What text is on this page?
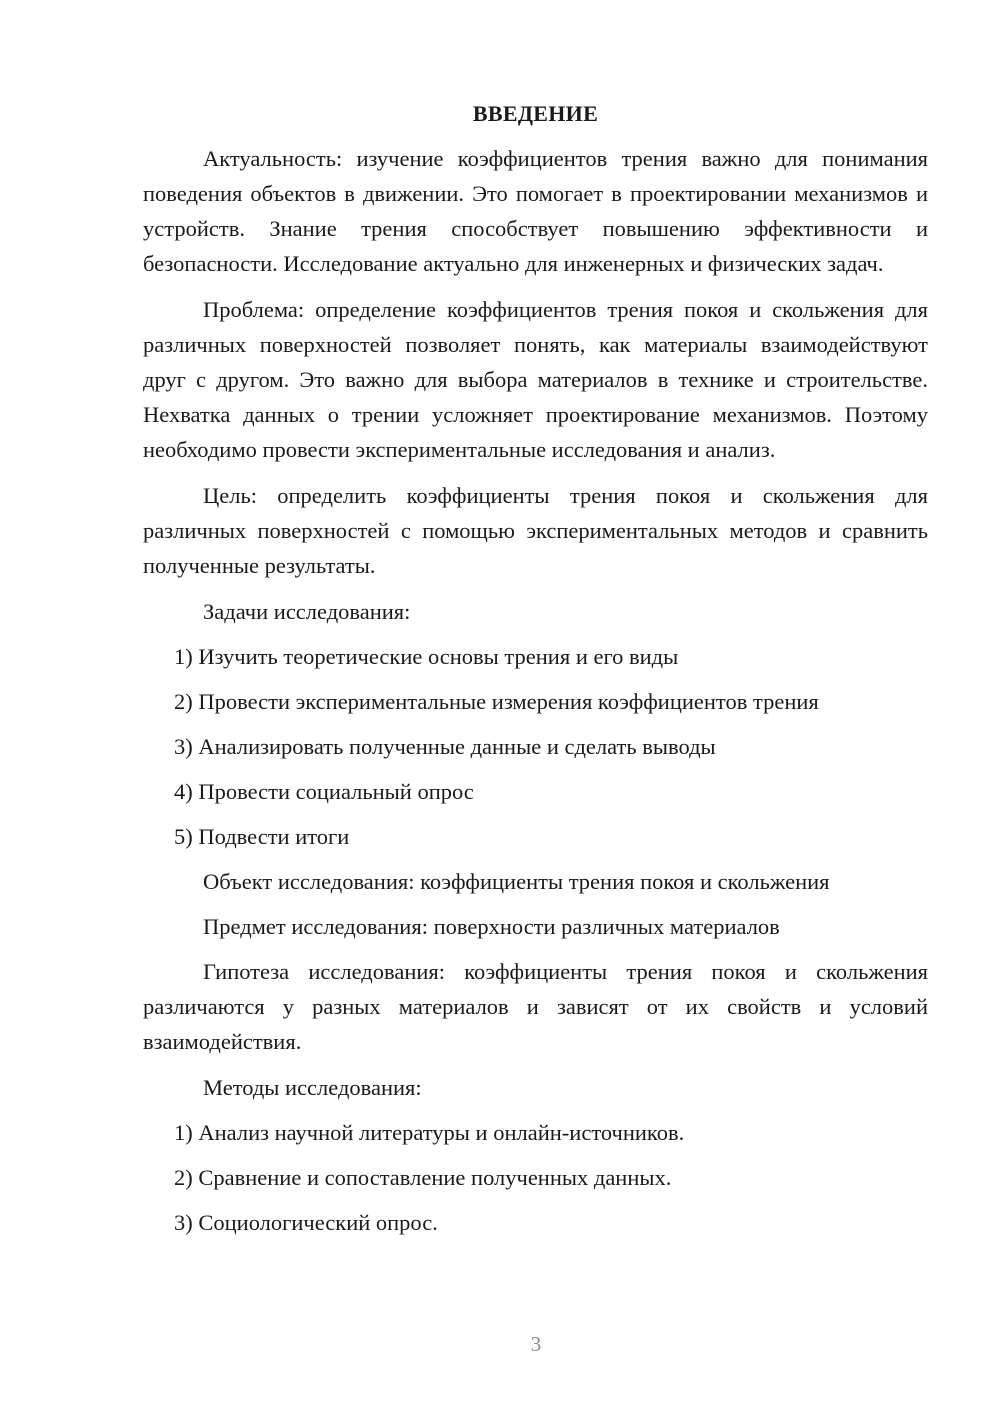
ВВЕДЕНИЕ

Актуальность: изучение коэффициентов трения важно для понимания поведения объектов в движении. Это помогает в проектировании механизмов и устройств. Знание трения способствует повышению эффективности и безопасности. Исследование актуально для инженерных и физических задач.

Проблема: определение коэффициентов трения покоя и скольжения для различных поверхностей позволяет понять, как материалы взаимодействуют друг с другом. Это важно для выбора материалов в технике и строительстве. Нехватка данных о трении усложняет проектирование механизмов. Поэтому необходимо провести экспериментальные исследования и анализ.

Цель: определить коэффициенты трения покоя и скольжения для различных поверхностей с помощью экспериментальных методов и сравнить полученные результаты.

Задачи исследования:
1) Изучить теоретические основы трения и его виды
2) Провести экспериментальные измерения коэффициентов трения
3) Анализировать полученные данные и сделать выводы
4) Провести социальный опрос
5) Подвести итоги
Объект исследования: коэффициенты трения покоя и скольжения
Предмет исследования: поверхности различных материалов

Гипотеза исследования: коэффициенты трения покоя и скольжения различаются у разных материалов и зависят от их свойств и условий взаимодействия.

Методы исследования:
1) Анализ научной литературы и онлайн-источников.
2) Сравнение и сопоставление полученных данных.
3) Социологический опрос.
3
